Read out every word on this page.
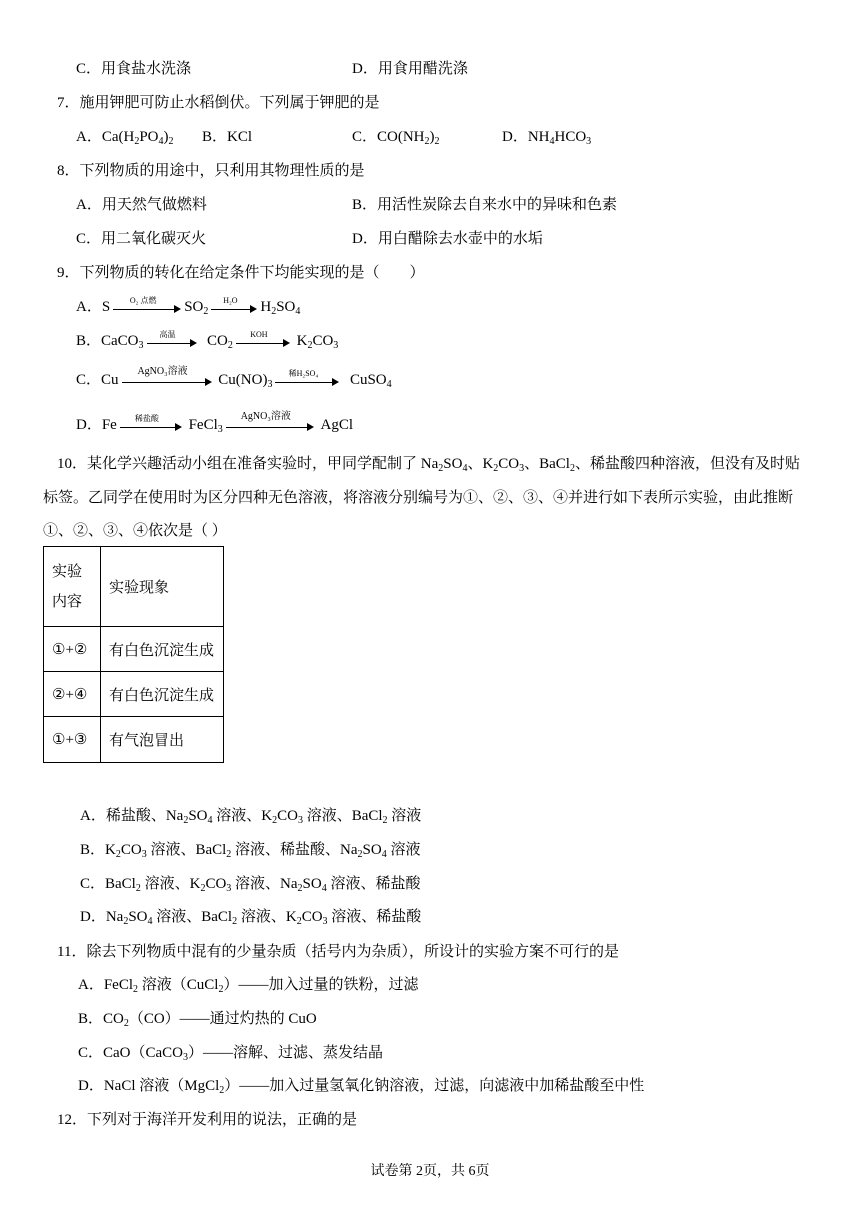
C．用食盐水洗涤	D．用食用醋洗涤
7．施用钾肥可防止水稻倒伏。下列属于钾肥的是
A．$Ca(H_2PO_4)_2$ B．KCl	C．$CO(NH_2)_2$	D．$NH_4HCO_3$
8．下列物质的用途中，只利用其物理性质的是
A．用天然气做燃料	B．用活性炭除去自来水中的异味和色素
C．用二氧化碳灭火	D．用白醋除去水壶中的水垢
9．下列物质的转化在给定条件下均能实现的是（　　）
A．S	O₂ 点燃	$SO_2$
H₂O	$H_2SO_4$
B．CaCO$_3$
高温	$CO_2$
KOH	$K_2CO_3$
C．Cu
AgNO₃溶液
$Cu(NO)_3$
稀H₂SO₄	CuSO$_4$
D．Fe	稀盐酸	FeCl$_3$
AgNO₃溶液
AgCl
10．某化学兴趣活动小组在准备实验时，甲同学配制了 $Na_2SO_4$、$K_2CO_3$、BaCl$_2$、稀盐酸四种溶液，但没有及时贴
标签。乙同学在使用时为区分四种无色溶液，将溶液分别编号为①、②、③、④并进行如下表所示实验，由此推断
①、②、③、④依次是（ ）
实验
内容	实验现象
①+②	有白色沉淀生成
②+④	有白色沉淀生成
①+③	有气泡冒出
A．稀盐酸、$Na_2SO_4$ 溶液、$K_2CO_3$ 溶液、BaCl$_2$ 溶液
B．$K_2CO_3$ 溶液、BaCl$_2$ 溶液、稀盐酸、$Na_2SO_4$ 溶液
C．BaCl$_2$ 溶液、$K_2CO_3$ 溶液、$Na_2SO_4$ 溶液、稀盐酸
D．$Na_2SO_4$ 溶液、BaCl$_2$ 溶液、$K_2CO_3$ 溶液、稀盐酸
11．除去下列物质中混有的少量杂质（括号内为杂质），所设计的实验方案不可行的是
A．FeCl$_2$ 溶液（CuCl$_2$）——加入过量的铁粉，过滤
B．$CO_2(CO)——$通过灼热的 CuO
C．CaO（CaCO$_3$）——溶解、过滤、蒸发结晶
D．NaCl 溶液（MgCl$_2$）——加入过量氢氧化钠溶液，过滤，向滤液中加稀盐酸至中性
12．下列对于海洋开发利用的说法，正确的是
试卷第 2页，共 6页
